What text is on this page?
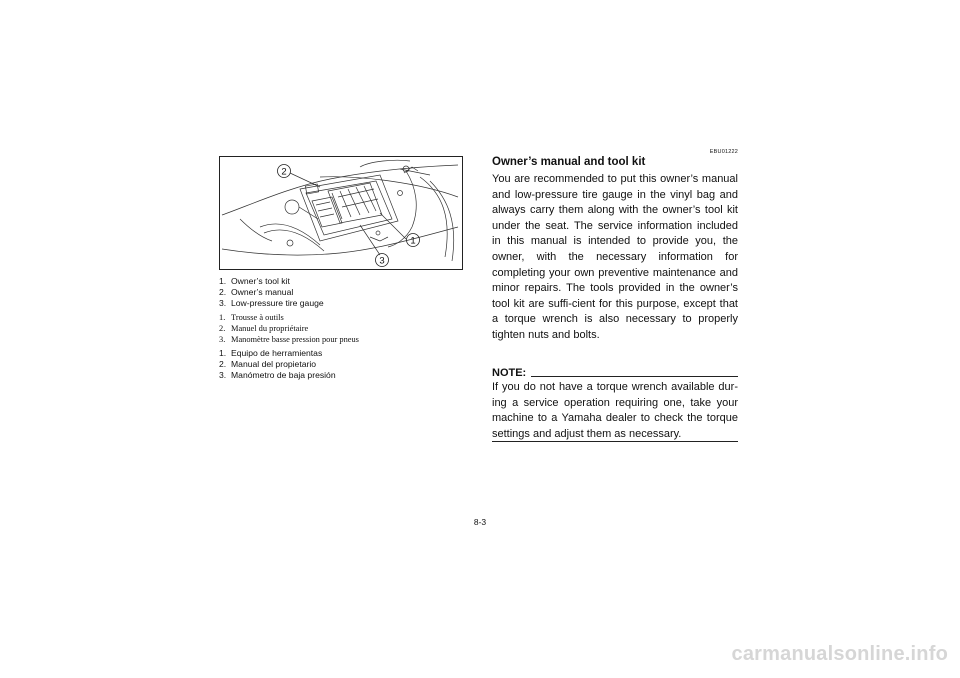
2
1
3
1. Owner’s tool kit
2. Owner’s manual
3. Low-pressure tire gauge
1. Trousse à outils
2. Manuel du propriétaire
3. Manomètre basse pression pour pneus
1. Equipo de herramientas
2. Manual del propietario
3. Manómetro de baja presión
EBU01222
Owner’s manual and tool kit

You are recommended to put this owner’s manual and low-pressure tire gauge in the vinyl bag and always carry them along with the owner’s tool kit under the seat. The service information included in this manual is intended to provide you, the owner, with the necessary information for completing your own preventive maintenance and minor repairs. The tools provided in the owner’s tool kit are suffi-cient for this purpose, except that a torque wrench is also necessary to properly tighten nuts and bolts.

NOTE:

If you do not have a torque wrench available dur-ing a service operation requiring one, take your machine to a Yamaha dealer to check the torque settings and adjust them as necessary.

8-3
carmanualsonline.info
